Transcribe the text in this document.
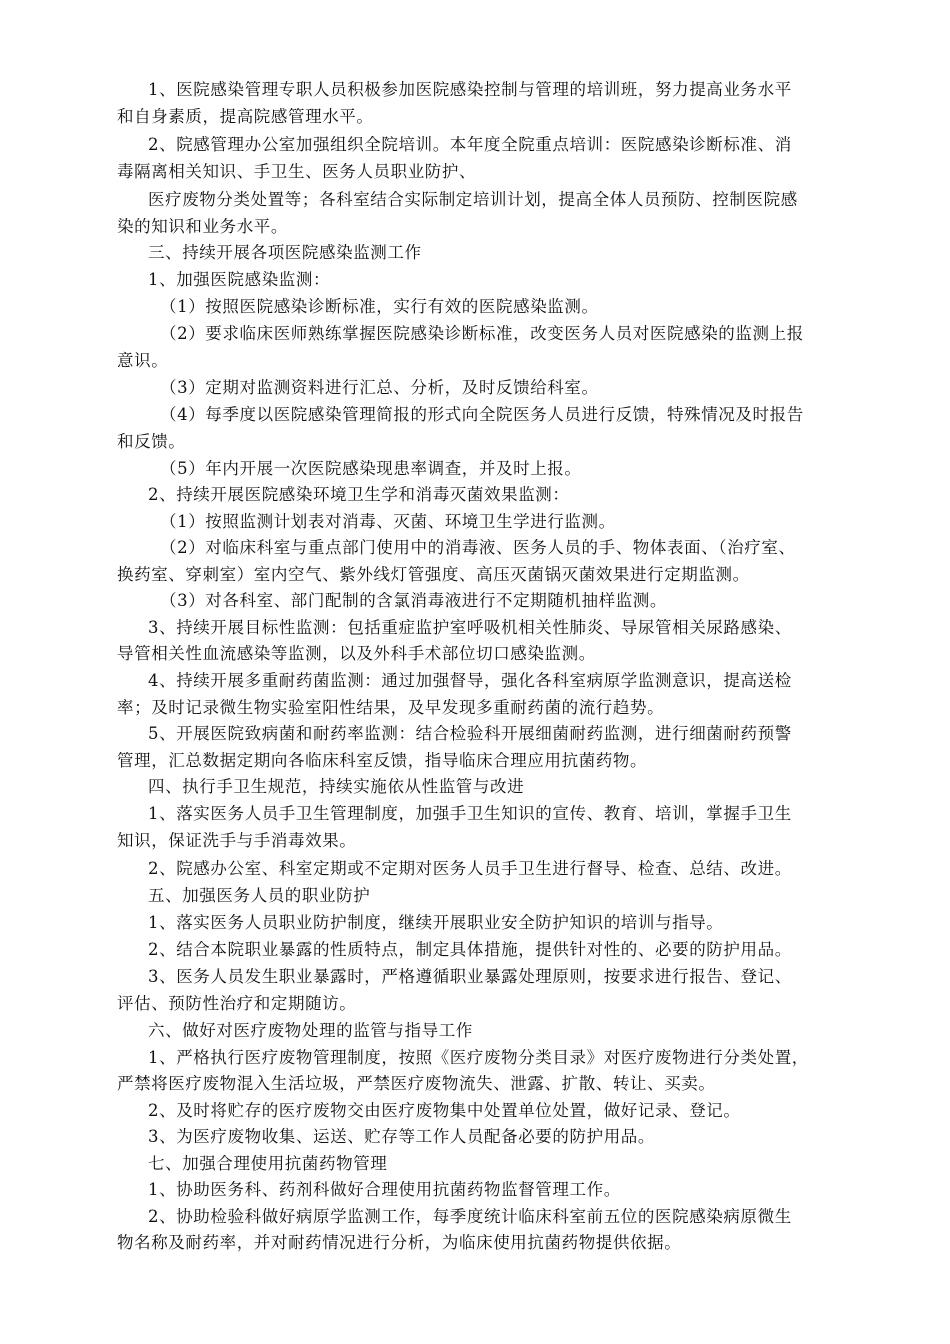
1、医院感染管理专职人员积极参加医院感染控制与管理的培训班，努力提高业务水平
和自身素质，提高院感管理水平。
2、院感管理办公室加强组织全院培训。本年度全院重点培训：医院感染诊断标准、消
毒隔离相关知识、手卫生、医务人员职业防护、
医疗废物分类处置等；各科室结合实际制定培训计划，提高全体人员预防、控制医院感
染的知识和业务水平。
三、持续开展各项医院感染监测工作
1、加强医院感染监测：
（1）按照医院感染诊断标准，实行有效的医院感染监测。
（2）要求临床医师熟练掌握医院感染诊断标准，改变医务人员对医院感染的监测上报
意识。
（3）定期对监测资料进行汇总、分析，及时反馈给科室。
（4）每季度以医院感染管理简报的形式向全院医务人员进行反馈，特殊情况及时报告
和反馈。
（5）年内开展一次医院感染现患率调查，并及时上报。
2、持续开展医院感染环境卫生学和消毒灭菌效果监测：
（1）按照监测计划表对消毒、灭菌、环境卫生学进行监测。
（2）对临床科室与重点部门使用中的消毒液、医务人员的手、物体表面、（治疗室、
换药室、穿刺室）室内空气、紫外线灯管强度、高压灭菌锅灭菌效果进行定期监测。
（3）对各科室、部门配制的含氯消毒液进行不定期随机抽样监测。
3、持续开展目标性监测：包括重症监护室呼吸机相关性肺炎、导尿管相关尿路感染、
导管相关性血流感染等监测，以及外科手术部位切口感染监测。
4、持续开展多重耐药菌监测：通过加强督导，强化各科室病原学监测意识，提高送检
率；及时记录微生物实验室阳性结果，及早发现多重耐药菌的流行趋势。
5、开展医院致病菌和耐药率监测：结合检验科开展细菌耐药监测，进行细菌耐药预警
管理，汇总数据定期向各临床科室反馈，指导临床合理应用抗菌药物。
四、执行手卫生规范，持续实施依从性监管与改进
1、落实医务人员手卫生管理制度，加强手卫生知识的宣传、教育、培训，掌握手卫生
知识，保证洗手与手消毒效果。
2、院感办公室、科室定期或不定期对医务人员手卫生进行督导、检查、总结、改进。
五、加强医务人员的职业防护
1、落实医务人员职业防护制度，继续开展职业安全防护知识的培训与指导。
2、结合本院职业暴露的性质特点，制定具体措施，提供针对性的、必要的防护用品。
3、医务人员发生职业暴露时，严格遵循职业暴露处理原则，按要求进行报告、登记、
评估、预防性治疗和定期随访。
六、做好对医疗废物处理的监管与指导工作
1、严格执行医疗废物管理制度，按照《医疗废物分类目录》对医疗废物进行分类处置，
严禁将医疗废物混入生活垃圾，严禁医疗废物流失、泄露、扩散、转让、买卖。
2、及时将贮存的医疗废物交由医疗废物集中处置单位处置，做好记录、登记。
3、为医疗废物收集、运送、贮存等工作人员配备必要的防护用品。
七、加强合理使用抗菌药物管理
1、协助医务科、药剂科做好合理使用抗菌药物监督管理工作。
2、协助检验科做好病原学监测工作，每季度统计临床科室前五位的医院感染病原微生
物名称及耐药率，并对耐药情况进行分析，为临床使用抗菌药物提供依据。
